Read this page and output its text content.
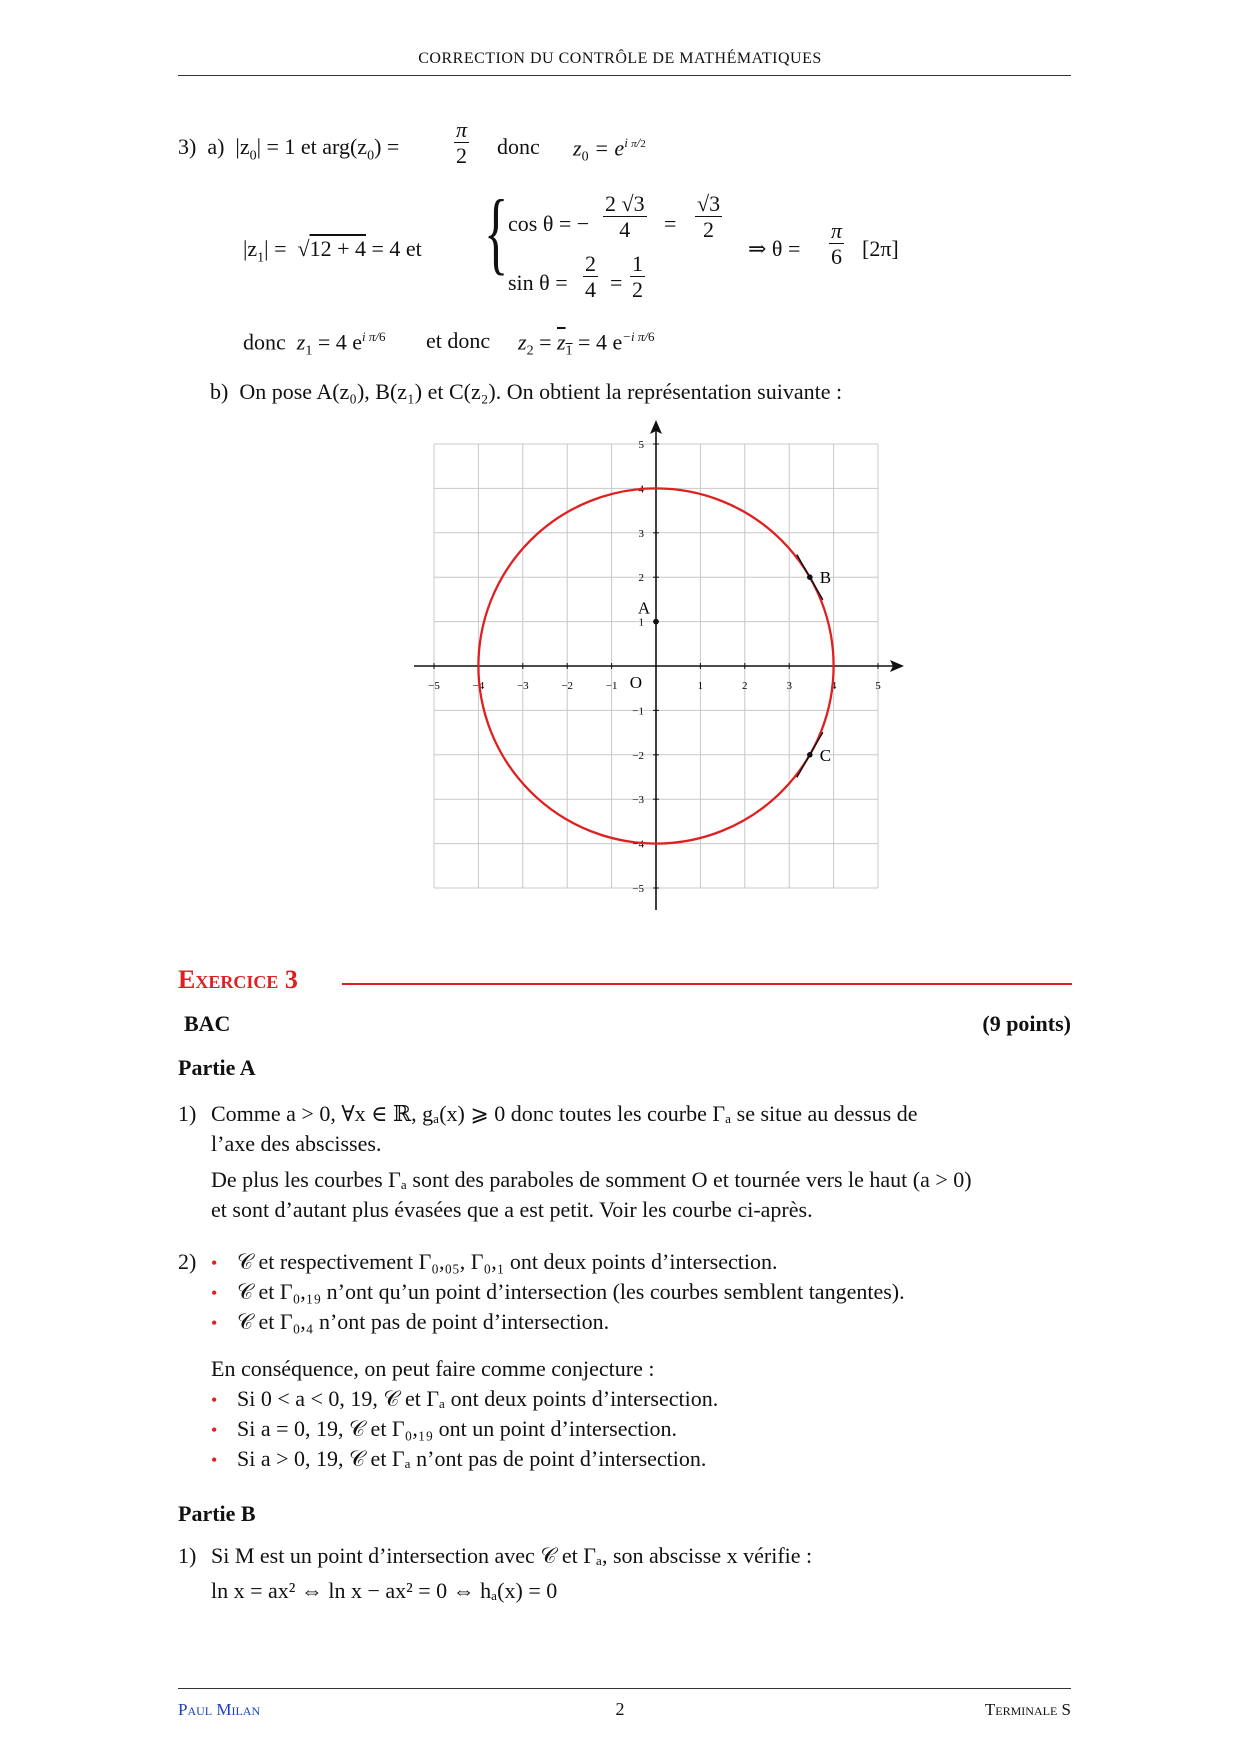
CORRECTION DU CONTRÔLE DE MATHÉMATIQUES
3) a) $|z_0| = 1$ et $arg(z_0) = \frac{\pi}{2}$ donc $z_0 = e^{i \pi/2}$
$|z_1| = √12 + 4 = 4$ et { cos θ = − $\frac{2 √3}{4} = \frac{√3}{2}$
$\sin \theta = \frac{2}{4} = \frac{1}{2}$
⇒ $\theta = \frac{\pi}{6} [2\pi]$
donc $z_1 = 4$ $e^{i \pi/6}$ et donc $z_2 = \overline{z}_1 = 4$ $e^{-i \pi/6}$
b) On pose A(z₀), B(z₁) et C(z₂). On obtient la représentation suivante :
−5	−4	−3	−2	−1	1	2	3	4	5
5
4
3
2
1
−1
−2
−3
−4
−5
O
A
B
C
Exercice 3
BAC	(9 points)
Partie A
1) Comme a > 0, ∀x ∈ ℝ, gₐ(x) ⩾ 0 donc toutes les courbe Γₐ se situe au dessus de
l’axe des abscisses.
De plus les courbes Γₐ sont des paraboles de somment O et tournée vers le haut (a > 0)
et sont d’autant plus évasées que a est petit. Voir les courbe ci-après.
2) • 𝒞 et respectivement Γ₀,₀₅, Γ₀,₁ ont deux points d’intersection.
• 𝒞 et Γ₀,₁₉ n’ont qu’un point d’intersection (les courbes semblent tangentes).
• 𝒞 et Γ₀,₄ n’ont pas de point d’intersection.
En conséquence, on peut faire comme conjecture :
• Si 0 < a < 0, 19, 𝒞 et Γₐ ont deux points d’intersection.
• Si a = 0, 19, 𝒞 et Γ₀,₁₉ ont un point d’intersection.
• Si a > 0, 19, 𝒞 et Γₐ n’ont pas de point d’intersection.
Partie B
1) Si M est un point d’intersection avec 𝒞 et Γₐ, son abscisse x vérifie :
ln x = ax² ⇔ ln x − ax² = 0 ⇔ hₐ(x) = 0
Paul Milan	2	Terminale S
